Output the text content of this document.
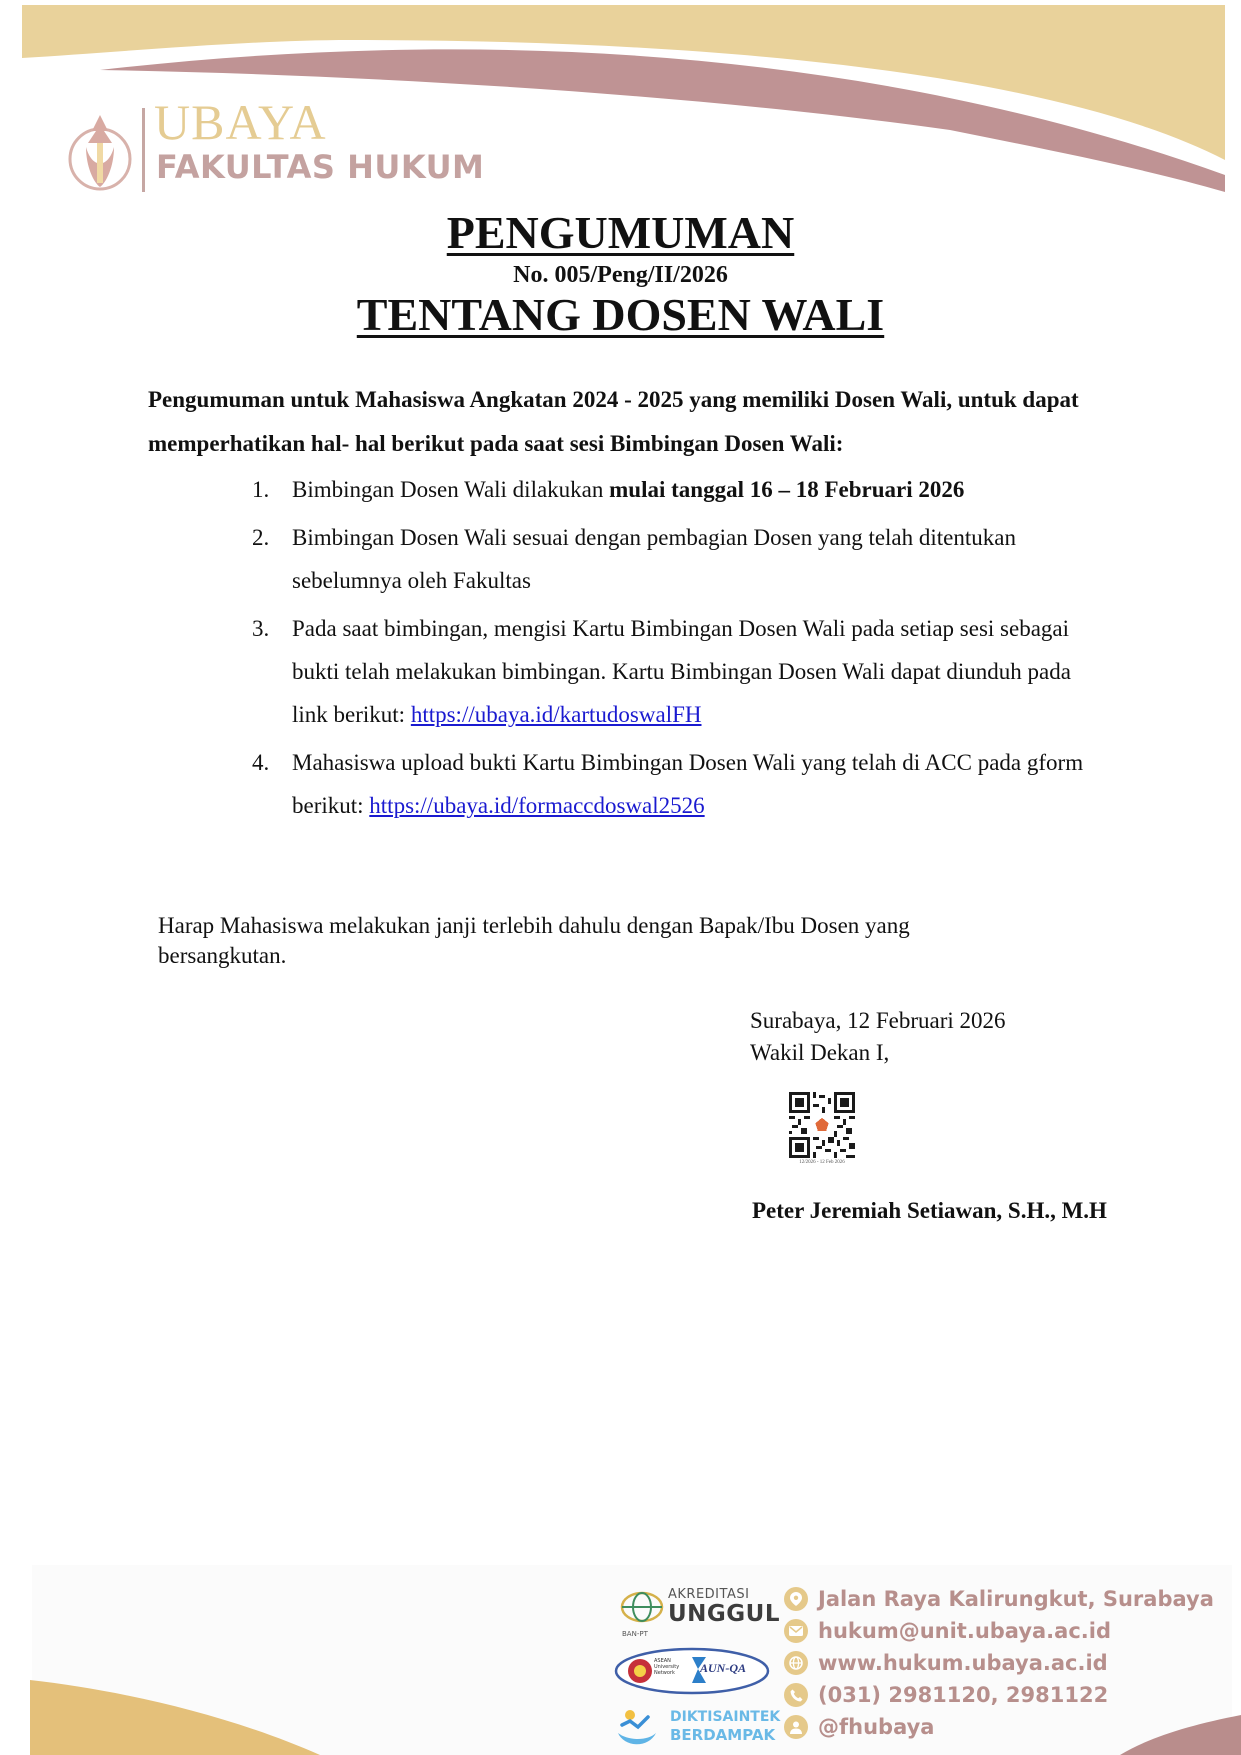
UBAYA
FAKULTAS HUKUM
PENGUMUMAN
No. 005/Peng/II/2026
TENTANG DOSEN WALI
Pengumuman untuk Mahasiswa Angkatan 2024 - 2025 yang memiliki Dosen Wali, untuk dapat memperhatikan hal- hal berikut pada saat sesi Bimbingan Dosen Wali:
1. Bimbingan Dosen Wali dilakukan mulai tanggal 16 – 18 Februari 2026
2. Bimbingan Dosen Wali sesuai dengan pembagian Dosen yang telah ditentukan sebelumnya oleh Fakultas
3. Pada saat bimbingan, mengisi Kartu Bimbingan Dosen Wali pada setiap sesi sebagai bukti telah melakukan bimbingan. Kartu Bimbingan Dosen Wali dapat diunduh pada link berikut: https://ubaya.id/kartudoswalFH
4. Mahasiswa upload bukti Kartu Bimbingan Dosen Wali yang telah di ACC pada gform berikut: https://ubaya.id/formaccdoswal2526
Harap Mahasiswa melakukan janji terlebih dahulu dengan Bapak/Ibu Dosen yang bersangkutan.
Surabaya, 12 Februari 2026
Wakil Dekan I,
12/2026 - 12 Feb 2026
Peter Jeremiah Setiawan, S.H., M.H
BAN-PT
AKREDITASI
UNGGUL
ASEAN University Network	AUN-QA
DIKTISAINTEK
BERDAMPAK
Jalan Raya Kalirungkut, Surabaya
hukum@unit.ubaya.ac.id
www.hukum.ubaya.ac.id
(031) 2981120, 2981122
@fhubaya
